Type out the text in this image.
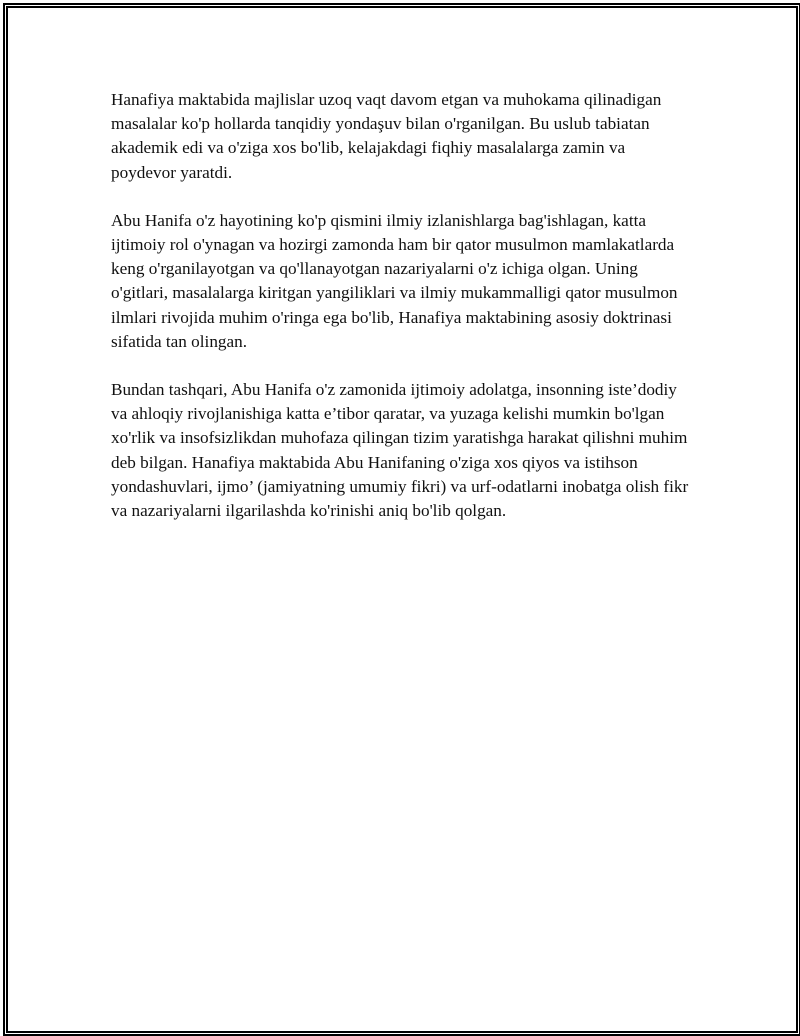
Hanafiya maktabida majlislar uzoq vaqt davom etgan va muhokama qilinadigan masalalar ko'p hollarda tanqidiy yondaşuv bilan o'rganilgan. Bu uslub tabiatan akademik edi va o'ziga xos bo'lib, kelajakdagi fiqhiy masalalarga zamin va poydevor yaratdi.

Abu Hanifa o'z hayotining ko'p qismini ilmiy izlanishlarga bag'ishlagan, katta ijtimoiy rol o'ynagan va hozirgi zamonda ham bir qator musulmon mamlakatlarda keng o'rganilayotgan va qo'llanayotgan nazariyalarni o'z ichiga olgan. Uning o'gitlari, masalalarga kiritgan yangiliklari va ilmiy mukammalligi qator musulmon ilmlari rivojida muhim o'ringa ega bo'lib, Hanafiya maktabining asosiy doktrinasi sifatida tan olingan.

Bundan tashqari, Abu Hanifa o'z zamonida ijtimoiy adolatga, insonning iste’dodiy va ahloqiy rivojlanishiga katta e’tibor qaratar, va yuzaga kelishi mumkin bo'lgan xo'rlik va insofsizlikdan muhofaza qilingan tizim yaratishga harakat qilishni muhim deb bilgan. Hanafiya maktabida Abu Hanifaning o'ziga xos qiyos va istihson yondashuvlari, ijmo’ (jamiyatning umumiy fikri) va urf-odatlarni inobatga olish fikr va nazariyalarni ilgarilashda ko'rinishi aniq bo'lib qolgan.
